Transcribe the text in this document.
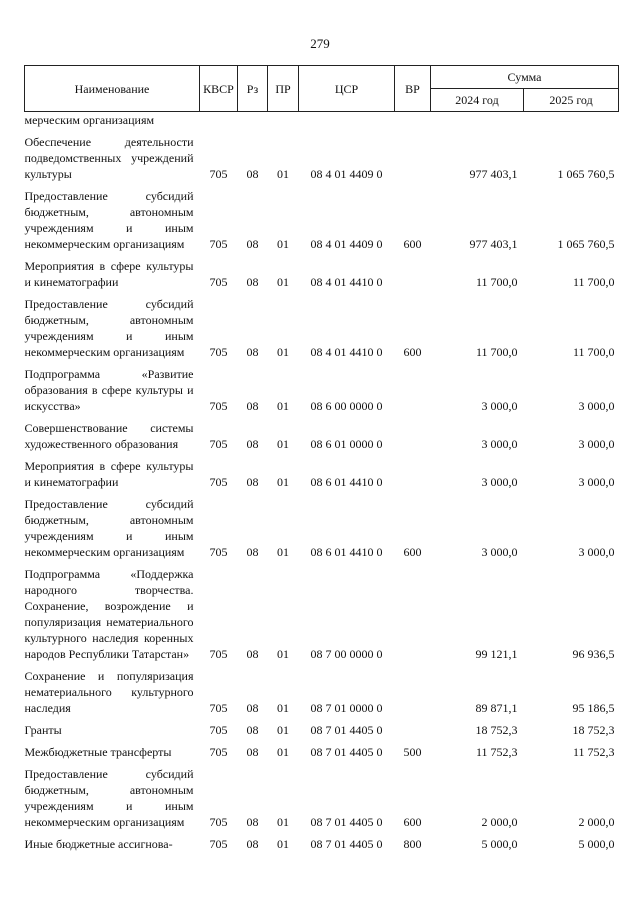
279
Наименование	КВСР	Рз	ПР	ЦСР	ВР	Сумма	
						2024 год	2025 год
мерческим организациям							
Обеспечение деятельности подведомственных учреждений культуры	705	08	01	08 4 01 4409 0		977 403,1	1 065 760,5
Предоставление субсидий бюджетным, автономным учреждениям и иным некоммерческим организациям	705	08	01	08 4 01 4409 0	600	977 403,1	1 065 760,5
Мероприятия в сфере культуры и кинематографии	705	08	01	08 4 01 4410 0		11 700,0	11 700,0
Предоставление субсидий бюджетным, автономным учреждениям и иным некоммерческим организациям	705	08	01	08 4 01 4410 0	600	11 700,0	11 700,0
Подпрограмма «Развитие образования в сфере культуры и искусства»	705	08	01	08 6 00 0000 0		3 000,0	3 000,0
Совершенствование системы художественного образования	705	08	01	08 6 01 0000 0		3 000,0	3 000,0
Мероприятия в сфере культуры и кинематографии	705	08	01	08 6 01 4410 0		3 000,0	3 000,0
Предоставление субсидий бюджетным, автономным учреждениям и иным некоммерческим организациям	705	08	01	08 6 01 4410 0	600	3 000,0	3 000,0
Подпрограмма «Поддержка народного творчества. Сохранение, возрождение и популяризация нематериального культурного наследия коренных народов Республики Татарстан»	705	08	01	08 7 00 0000 0		99 121,1	96 936,5
Сохранение и популяризация нематериального культурного наследия	705	08	01	08 7 01 0000 0		89 871,1	95 186,5
Гранты	705	08	01	08 7 01 4405 0		18 752,3	18 752,3
Межбюджетные трансферты	705	08	01	08 7 01 4405 0	500	11 752,3	11 752,3
Предоставление субсидий бюджетным, автономным учреждениям и иным некоммерческим организациям	705	08	01	08 7 01 4405 0	600	2 000,0	2 000,0
Иные бюджетные ассигнова-	705	08	01	08 7 01 4405 0	800	5 000,0	5 000,0
